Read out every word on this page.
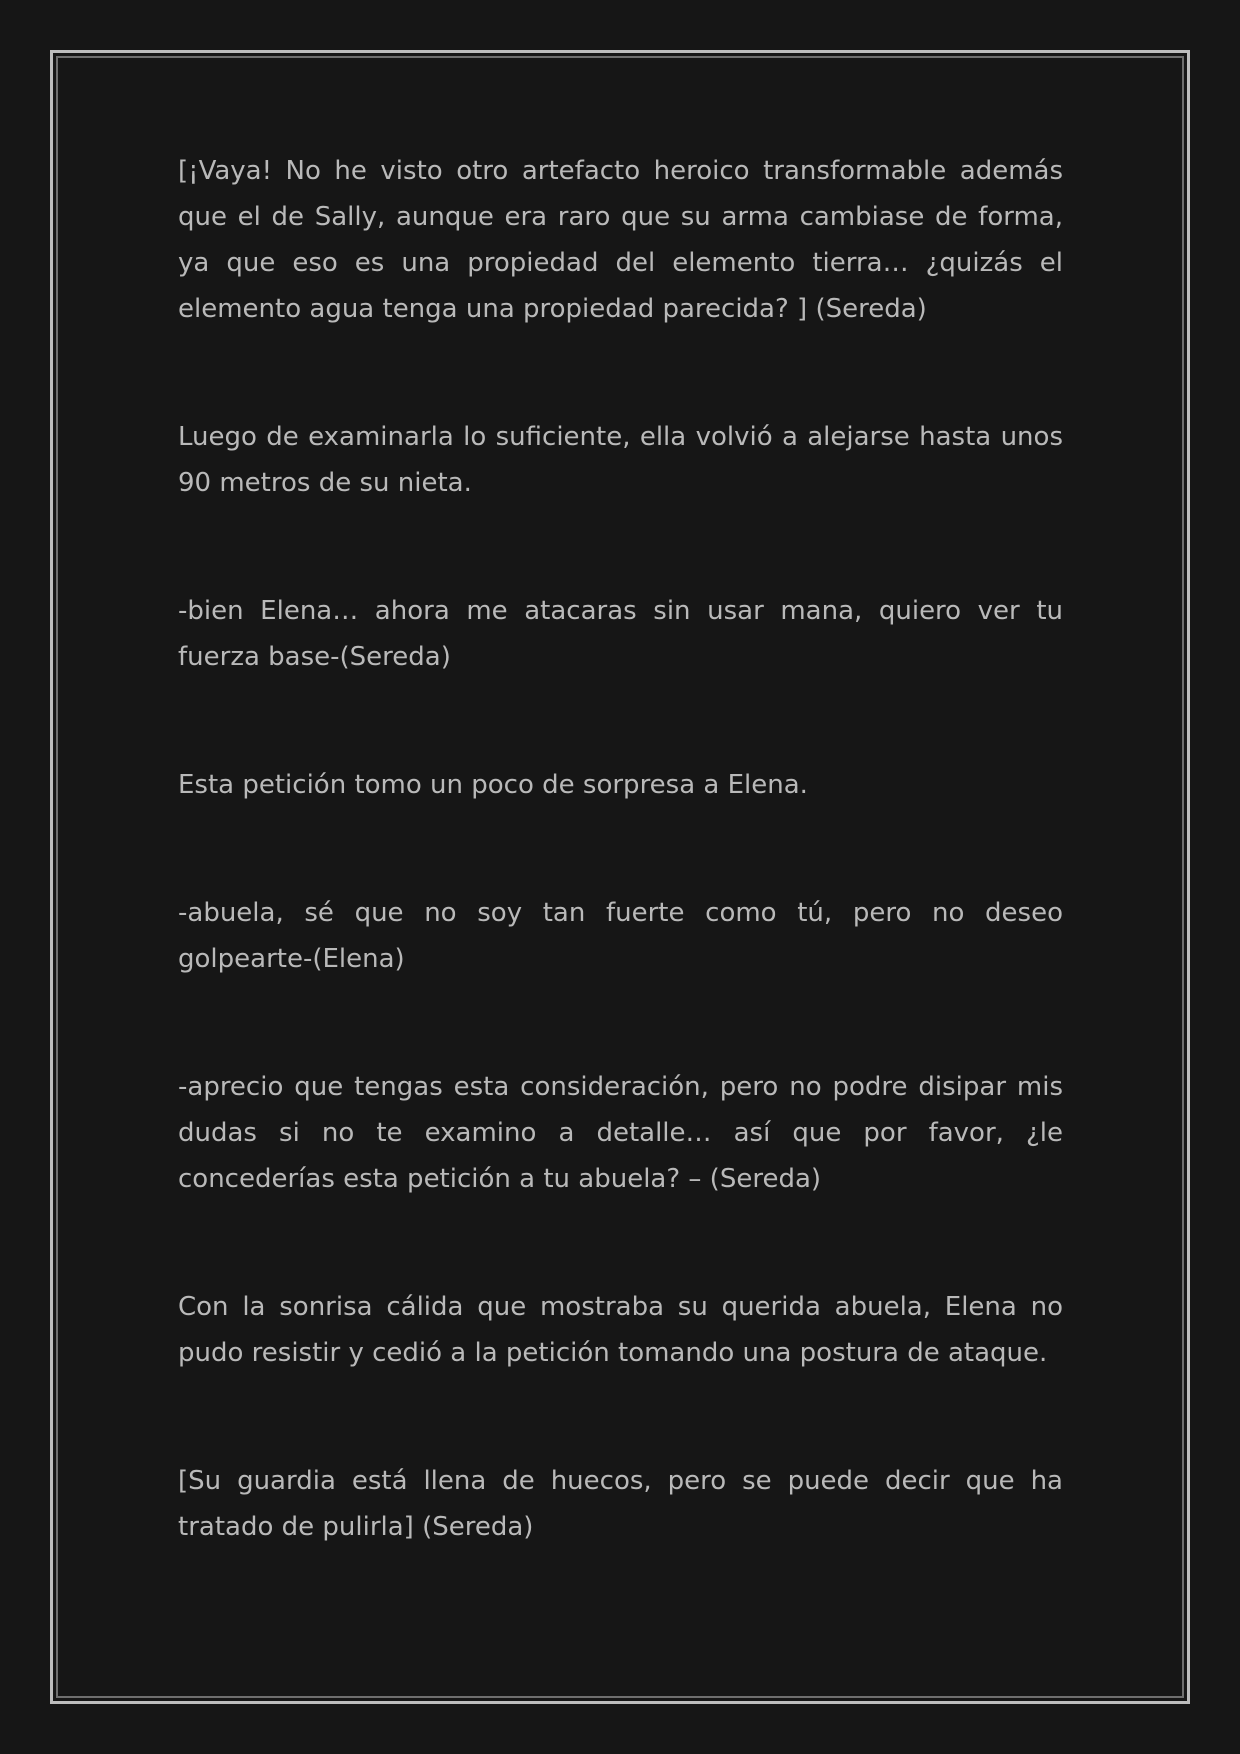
[¡Vaya! No he visto otro artefacto heroico transformable además que el de Sally, aunque era raro que su arma cambiase de forma, ya que eso es una propiedad del elemento tierra… ¿quizás el elemento agua tenga una propiedad parecida? ] (Sereda)

Luego de examinarla lo suficiente, ella volvió a alejarse hasta unos 90 metros de su nieta.

-bien Elena… ahora me atacaras sin usar mana, quiero ver tu fuerza base-(Sereda)

Esta petición tomo un poco de sorpresa a Elena.

-abuela, sé que no soy tan fuerte como tú, pero no deseo golpearte-(Elena)

-aprecio que tengas esta consideración, pero no podre disipar mis dudas si no te examino a detalle… así que por favor, ¿le concederías esta petición a tu abuela? – (Sereda)

Con la sonrisa cálida que mostraba su querida abuela, Elena no pudo resistir y cedió a la petición tomando una postura de ataque.

[Su guardia está llena de huecos, pero se puede decir que ha tratado de pulirla] (Sereda)
